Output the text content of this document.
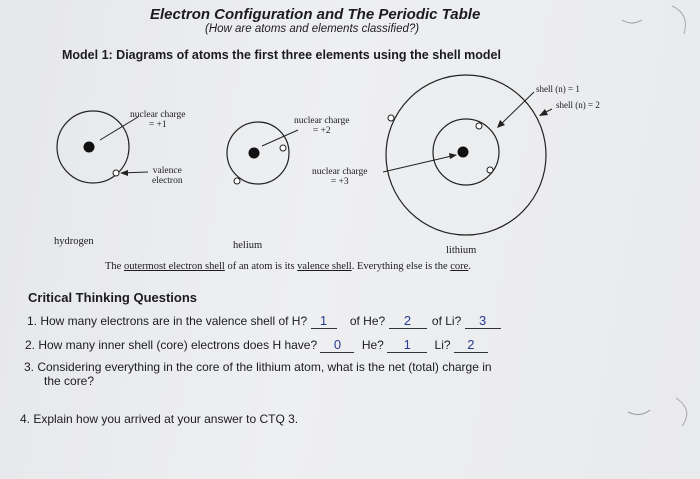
Electron Configuration and The Periodic Table
(How are atoms and elements classified?)
Model 1: Diagrams of atoms the first three elements using the shell model
nuclear charge
= +1
valence
electron
nuclear charge
= +2
nuclear charge
= +3
shell (n) = 1
shell (n) = 2
hydrogen	helium	lithium
The outermost electron shell of an atom is its valence shell. Everything else is the core.
Critical Thinking Questions
1. How many electrons are in the valence shell of H? 1 of He? 2 of Li? 3
2. How many inner shell (core) electrons does H have? 0 He? 1 Li? 2
3. Considering everything in the core of the lithium atom, what is the net (total) charge in
the core?
4. Explain how you arrived at your answer to CTQ 3.
